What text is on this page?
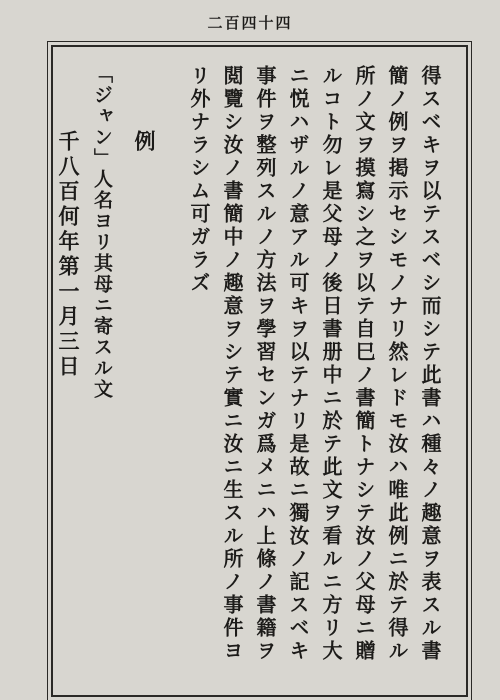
二百四十四
得スベキヲ以テスベシ而シテ此書ハ種々ノ趣意ヲ表スル書
簡ノ例ヲ掲示セシモノナリ然レドモ汝ハ唯此例ニ於テ得ル
所ノ文ヲ摸寫シ之ヲ以テ自巳ノ書簡トナシテ汝ノ父母ニ贈
ルコト勿レ是父母ノ後日書册中ニ於テ此文ヲ看ルニ方リ大
ニ悦ハザルノ意アル可キヲ以テナリ是故ニ獨汝ノ記スベキ
事件ヲ整列スルノ方法ヲ學習センガ爲メニハ上條ノ書籍ヲ
閲覽シ汝ノ書簡中ノ趣意ヲシテ實ニ汝ニ生スル所ノ事件ヨ
リ外ナラシム可ガラズ
例
「ジャン」人名ヨリ其母ニ寄スル文
千八百何年第一月三日
